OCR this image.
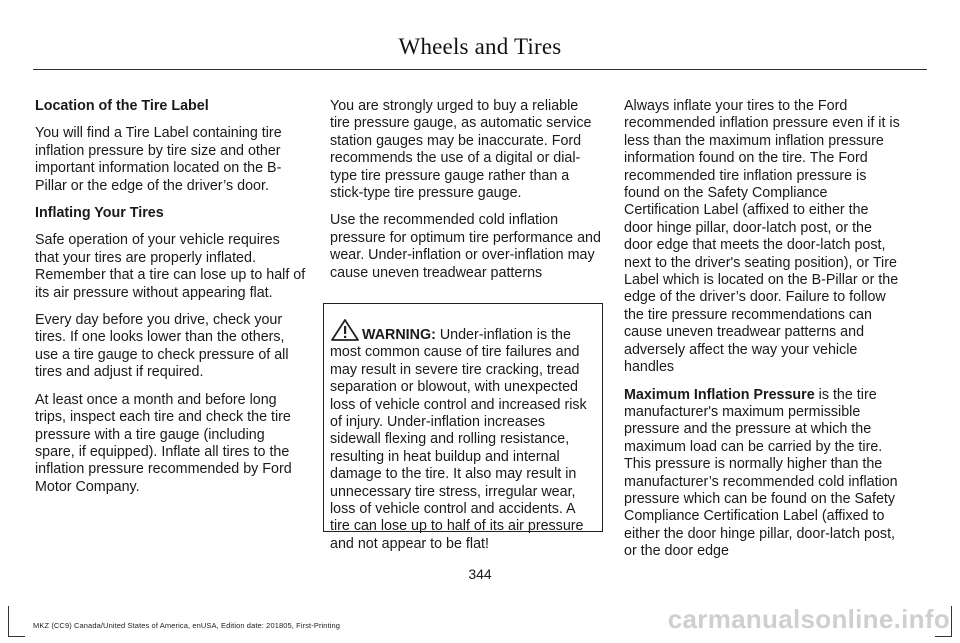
Wheels and Tires

Location of the Tire Label

You will find a Tire Label containing tire inflation pressure by tire size and other important information located on the B-Pillar or the edge of the driver’s door.

Inflating Your Tires

Safe operation of your vehicle requires that your tires are properly inflated. Remember that a tire can lose up to half of its air pressure without appearing flat.

Every day before you drive, check your tires. If one looks lower than the others, use a tire gauge to check pressure of all tires and adjust if required.

At least once a month and before long trips, inspect each tire and check the tire pressure with a tire gauge (including spare, if equipped). Inflate all tires to the inflation pressure recommended by Ford Motor Company.

You are strongly urged to buy a reliable tire pressure gauge, as automatic service station gauges may be inaccurate. Ford recommends the use of a digital or dial-type tire pressure gauge rather than a stick-type tire pressure gauge.

Use the recommended cold inflation pressure for optimum tire performance and wear. Under-inflation or over-inflation may cause uneven treadwear patterns

WARNING: Under-inflation is the most common cause of tire failures and may result in severe tire cracking, tread separation or blowout, with unexpected loss of vehicle control and increased risk of injury. Under-inflation increases sidewall flexing and rolling resistance, resulting in heat buildup and internal damage to the tire. It also may result in unnecessary tire stress, irregular wear, loss of vehicle control and accidents. A tire can lose up to half of its air pressure and not appear to be flat!

Always inflate your tires to the Ford recommended inflation pressure even if it is less than the maximum inflation pressure information found on the tire. The Ford recommended tire inflation pressure is found on the Safety Compliance Certification Label (affixed to either the door hinge pillar, door-latch post, or the door edge that meets the door-latch post, next to the driver's seating position), or Tire Label which is located on the B-Pillar or the edge of the driver’s door. Failure to follow the tire pressure recommendations can cause uneven treadwear patterns and adversely affect the way your vehicle handles

Maximum Inflation Pressure is the tire manufacturer's maximum permissible pressure and the pressure at which the maximum load can be carried by the tire. This pressure is normally higher than the manufacturer’s recommended cold inflation pressure which can be found on the Safety Compliance Certification Label (affixed to either the door hinge pillar, door-latch post, or the door edge

344
MKZ (CC9) Canada/United States of America, enUSA, Edition date: 201805, First-Printing	carmanualsonline.info
